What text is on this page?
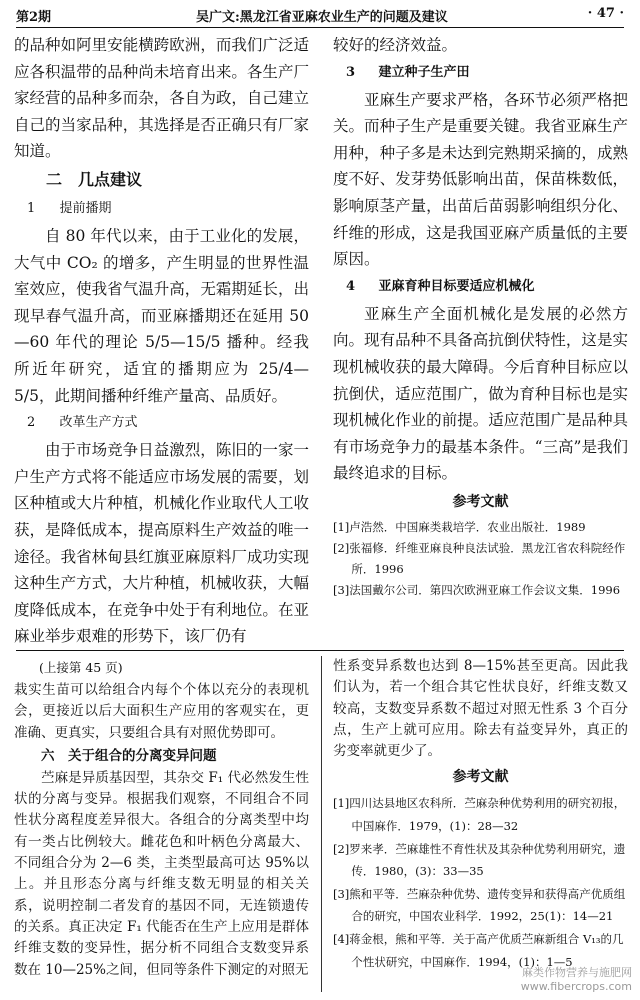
第2期	吴广文:黑龙江省亚麻农业生产的问题及建议	· 47 ·

的品种如阿里安能横跨欧洲，而我们广泛适应各积温带的品种尚未培育出来。各生产厂家经营的品种多而杂，各自为政，自己建立自己的当家品种，其选择是否正确只有厂家知道。

二　几点建议
1 提前播期

自 80 年代以来，由于工业化的发展，大气中 CO₂ 的增多，产生明显的世界性温室效应，使我省气温升高，无霜期延长，出现早春气温升高，而亚麻播期还在延用 50—60 年代的理论 5/5—15/5 播种。经我所近年研究，适宜的播期应为 25/4—5/5，此期间播种纤维产量高、品质好。

2 改革生产方式

由于市场竞争日益激烈，陈旧的一家一户生产方式将不能适应市场发展的需要，划区种植或大片种植，机械化作业取代人工收获，是降低成本，提高原料生产效益的唯一途径。我省林甸县红旗亚麻原料厂成功实现这种生产方式，大片种植，机械收获，大幅度降低成本，在竞争中处于有利地位。在亚麻业举步艰难的形势下，该厂仍有

较好的经济效益。

3 建立种子生产田

亚麻生产要求严格，各环节必须严格把关。而种子生产是重要关键。我省亚麻生产用种，种子多是未达到完熟期采摘的，成熟度不好、发芽势低影响出苗，保苗株数低，影响原茎产量，出苗后苗弱影响组织分化、纤维的形成，这是我国亚麻产质量低的主要原因。

4 亚麻育种目标要适应机械化

亚麻生产全面机械化是发展的必然方向。现有品种不具备高抗倒伏特性，这是实现机械收获的最大障碍。今后育种目标应以抗倒伏，适应范围广，做为育种目标也是实现机械化作业的前提。适应范围广是品种具有市场竞争力的最基本条件。“三高”是我们最终追求的目标。

参考文献
[1]卢浩然．中国麻类栽培学．农业出版社．1989
[2]张福修．纤维亚麻良种良法试验．黑龙江省农科院经作所．1996
[3]法国戴尔公司．第四次欧洲亚麻工作会议文集．1996
(上接第 45 页)

栽实生苗可以给组合内每个个体以充分的表现机会，更接近以后大面积生产应用的客观实在，更准确、更真实，只要组合具有对照优势即可。

六　关于组合的分离变异问题

苎麻是异质基因型，其杂交 F₁ 代必然发生性状的分离与变异。根据我们观察，不同组合不同性状分离程度差异很大。各组合的分离类型中均有一类占比例较大。雌花色和叶柄色分离最大、不同组合分为 2—6 类，主类型最高可达 95%以上。并且形态分离与纤维支数无明显的相关关系，说明控制二者发育的基因不同，无连锁遗传的关系。真正决定 F₁ 代能否在生产上应用是群体纤维支数的变异性，据分析不同组合支数变异系数在 10—25%之间，但同等条件下测定的对照无

性系变异系数也达到 8—15%甚至更高。因此我们认为，若一个组合其它性状良好，纤维支数又较高，支数变异系数不超过对照无性系 3 个百分点，生产上就可应用。除去有益变异外，真正的劣变率就更少了。

参考文献
[1]四川达县地区农科所．苎麻杂种优势利用的研究初报，中国麻作．1979，(1)：28—32
[2]罗来孝．苎麻雄性不育性状及其杂种优势利用研究，遗传．1980，(3)：33—35
[3]熊和平等．苎麻杂种优势、遗传变异和获得高产优质组合的研究，中国农业科学．1992，25(1)：14—21
[4]蒋金根，熊和平等．关于高产优质苎麻新组合 V₁₃的几个性状研究，中国麻作．1994，(1)：1—5
麻类作物营养与施肥网
www.fibercrops.com
